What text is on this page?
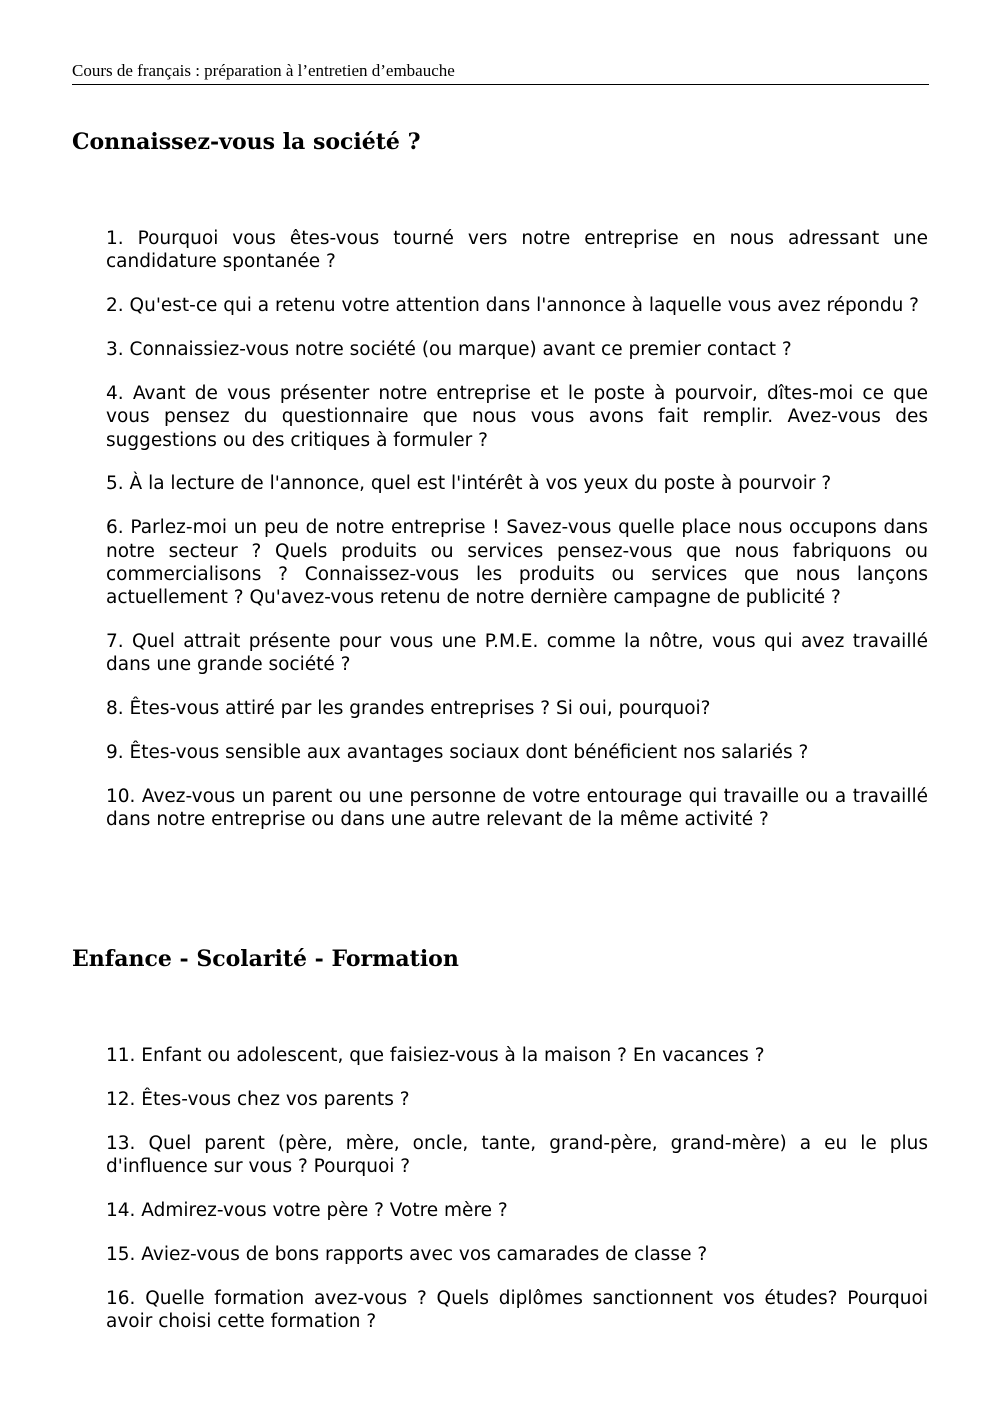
Cours de français : préparation à l’entretien d’embauche
Connaissez-vous la société ?
1. Pourquoi vous êtes-vous tourné vers notre entreprise en nous adressant une candidature spontanée ?
2. Qu'est-ce qui a retenu votre attention dans l'annonce à laquelle vous avez répondu ?
3. Connaissiez-vous notre société (ou marque) avant ce premier contact ?
4. Avant de vous présenter notre entreprise et le poste à pourvoir, dîtes-moi ce que vous pensez du questionnaire que nous vous avons fait remplir. Avez-vous des suggestions ou des critiques à formuler ?
5. À la lecture de l'annonce, quel est l'intérêt à vos yeux du poste à pourvoir ?
6. Parlez-moi un peu de notre entreprise ! Savez-vous quelle place nous occupons dans notre secteur ? Quels produits ou services pensez-vous que nous fabriquons ou commercialisons ? Connaissez-vous les produits ou services que nous lançons actuellement ? Qu'avez-vous retenu de notre dernière campagne de publicité ?
7. Quel attrait présente pour vous une P.M.E. comme la nôtre, vous qui avez travaillé dans une grande société ?
8. Êtes-vous attiré par les grandes entreprises ? Si oui, pourquoi?
9. Êtes-vous sensible aux avantages sociaux dont bénéficient nos salariés ?
10. Avez-vous un parent ou une personne de votre entourage qui travaille ou a travaillé dans notre entreprise ou dans une autre relevant de la même activité ?
Enfance - Scolarité - Formation
11. Enfant ou adolescent, que faisiez-vous à la maison ? En vacances ?
12. Êtes-vous chez vos parents ?
13. Quel parent (père, mère, oncle, tante, grand-père, grand-mère) a eu le plus d'influence sur vous ? Pourquoi ?
14. Admirez-vous votre père ? Votre mère ?
15. Aviez-vous de bons rapports avec vos camarades de classe ?
16. Quelle formation avez-vous ? Quels diplômes sanctionnent vos études? Pourquoi avoir choisi cette formation ?
